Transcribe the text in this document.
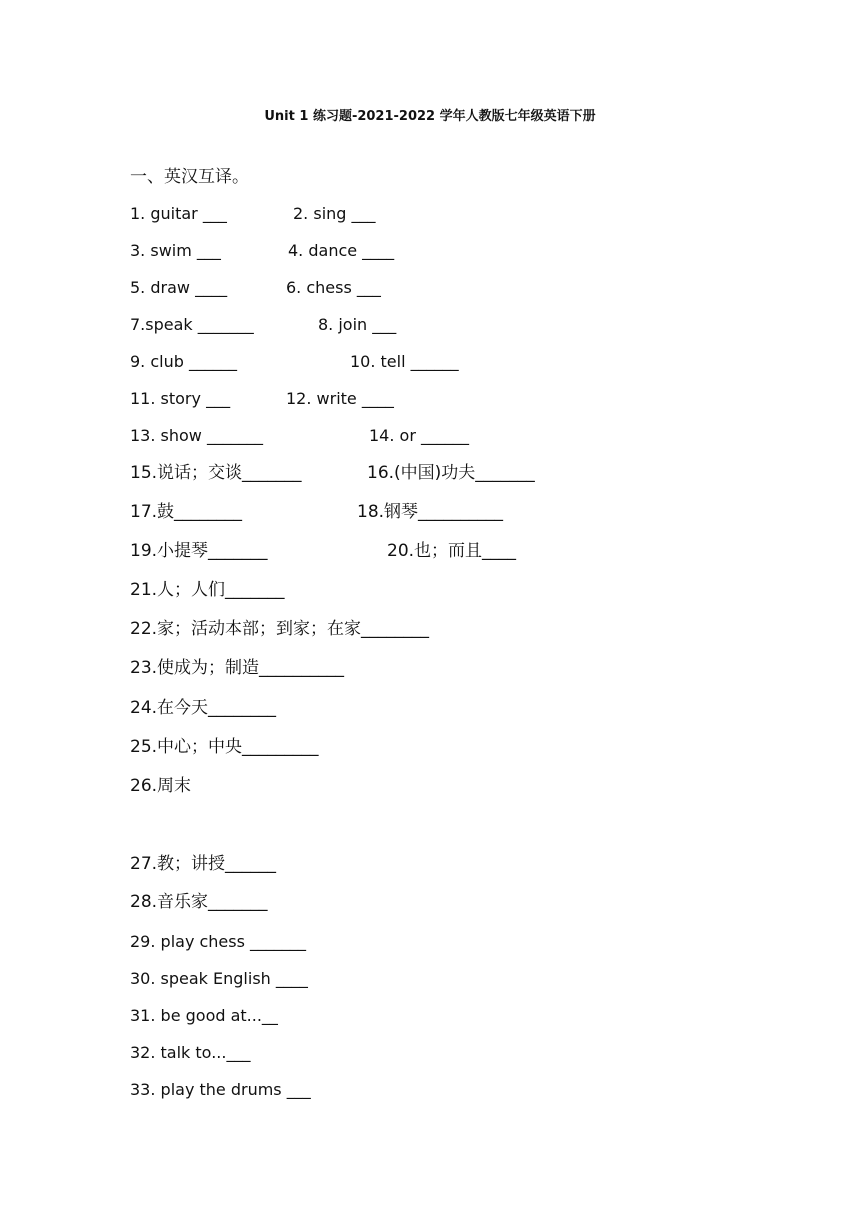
Unit 1 练习题-2021-2022 学年人教版七年级英语下册
一、英汉互译。
1. guitar ___	2. sing ___
3. swim ___	4. dance ____
5. draw ____	6. chess ___
7.speak _______	8. join ___
9. club ______	10. tell ______
11. story ___	12. write ____
13. show _______	14. or ______
15.说话；交谈_______	16.(中国)功夫_______
17.鼓________	18.钢琴__________
19.小提琴_______	20.也；而且____
21.人；人们_______
22.家；活动本部；到家；在家________
23.使成为；制造__________
24.在今天________
25.中心；中央_________
26.周末
27.教；讲授______
28.音乐家_______
29. play chess _______
30. speak English ____
31. be good at...__
32. talk to...___
33. play the drums ___
